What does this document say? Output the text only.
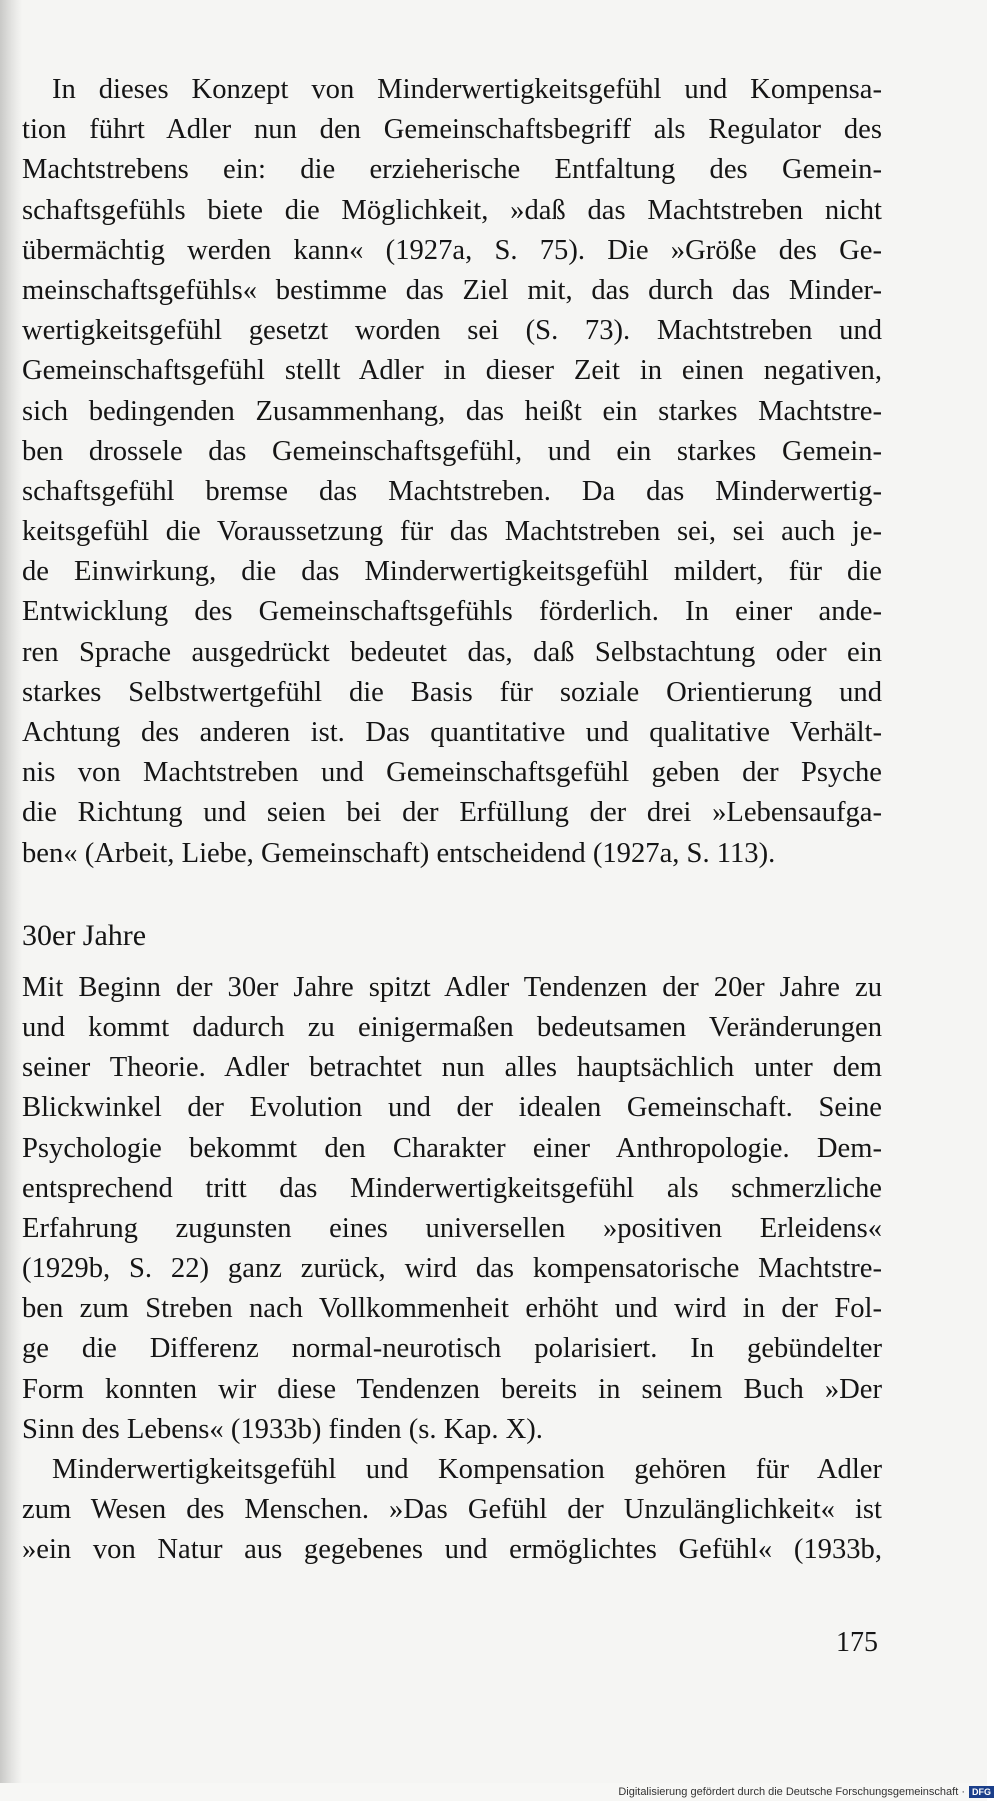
In dieses Konzept von Minderwertigkeitsgefühl und Kompensa-
tion führt Adler nun den Gemeinschaftsbegriff als Regulator des
Machtstrebens ein: die erzieherische Entfaltung des Gemein-
schaftsgefühls biete die Möglichkeit, »daß das Machtstreben nicht
übermächtig werden kann« (1927a, S. 75). Die »Größe des Ge-
meinschaftsgefühls« bestimme das Ziel mit, das durch das Minder-
wertigkeitsgefühl gesetzt worden sei (S. 73). Machtstreben und
Gemeinschaftsgefühl stellt Adler in dieser Zeit in einen negativen,
sich bedingenden Zusammenhang, das heißt ein starkes Machtstre-
ben drossele das Gemeinschaftsgefühl, und ein starkes Gemein-
schaftsgefühl bremse das Machtstreben. Da das Minderwertig-
keitsgefühl die Voraussetzung für das Machtstreben sei, sei auch je-
de Einwirkung, die das Minderwertigkeitsgefühl mildert, für die
Entwicklung des Gemeinschaftsgefühls förderlich. In einer ande-
ren Sprache ausgedrückt bedeutet das, daß Selbstachtung oder ein
starkes Selbstwertgefühl die Basis für soziale Orientierung und
Achtung des anderen ist. Das quantitative und qualitative Verhält-
nis von Machtstreben und Gemeinschaftsgefühl geben der Psyche
die Richtung und seien bei der Erfüllung der drei »Lebensaufga-
ben« (Arbeit, Liebe, Gemeinschaft) entscheidend (1927a, S. 113).
30er Jahre
Mit Beginn der 30er Jahre spitzt Adler Tendenzen der 20er Jahre zu
und kommt dadurch zu einigermaßen bedeutsamen Veränderungen
seiner Theorie. Adler betrachtet nun alles hauptsächlich unter dem
Blickwinkel der Evolution und der idealen Gemeinschaft. Seine
Psychologie bekommt den Charakter einer Anthropologie. Dem-
entsprechend tritt das Minderwertigkeitsgefühl als schmerzliche
Erfahrung zugunsten eines universellen »positiven Erleidens«
(1929b, S. 22) ganz zurück, wird das kompensatorische Machtstre-
ben zum Streben nach Vollkommenheit erhöht und wird in der Fol-
ge die Differenz normal-neurotisch polarisiert. In gebündelter
Form konnten wir diese Tendenzen bereits in seinem Buch »Der
Sinn des Lebens« (1933b) finden (s. Kap. X).
Minderwertigkeitsgefühl und Kompensation gehören für Adler
zum Wesen des Menschen. »Das Gefühl der Unzulänglichkeit« ist
»ein von Natur aus gegebenes und ermöglichtes Gefühl« (1933b,
175
Digitalisierung gefördert durch die Deutsche Forschungsgemeinschaft · DFG
